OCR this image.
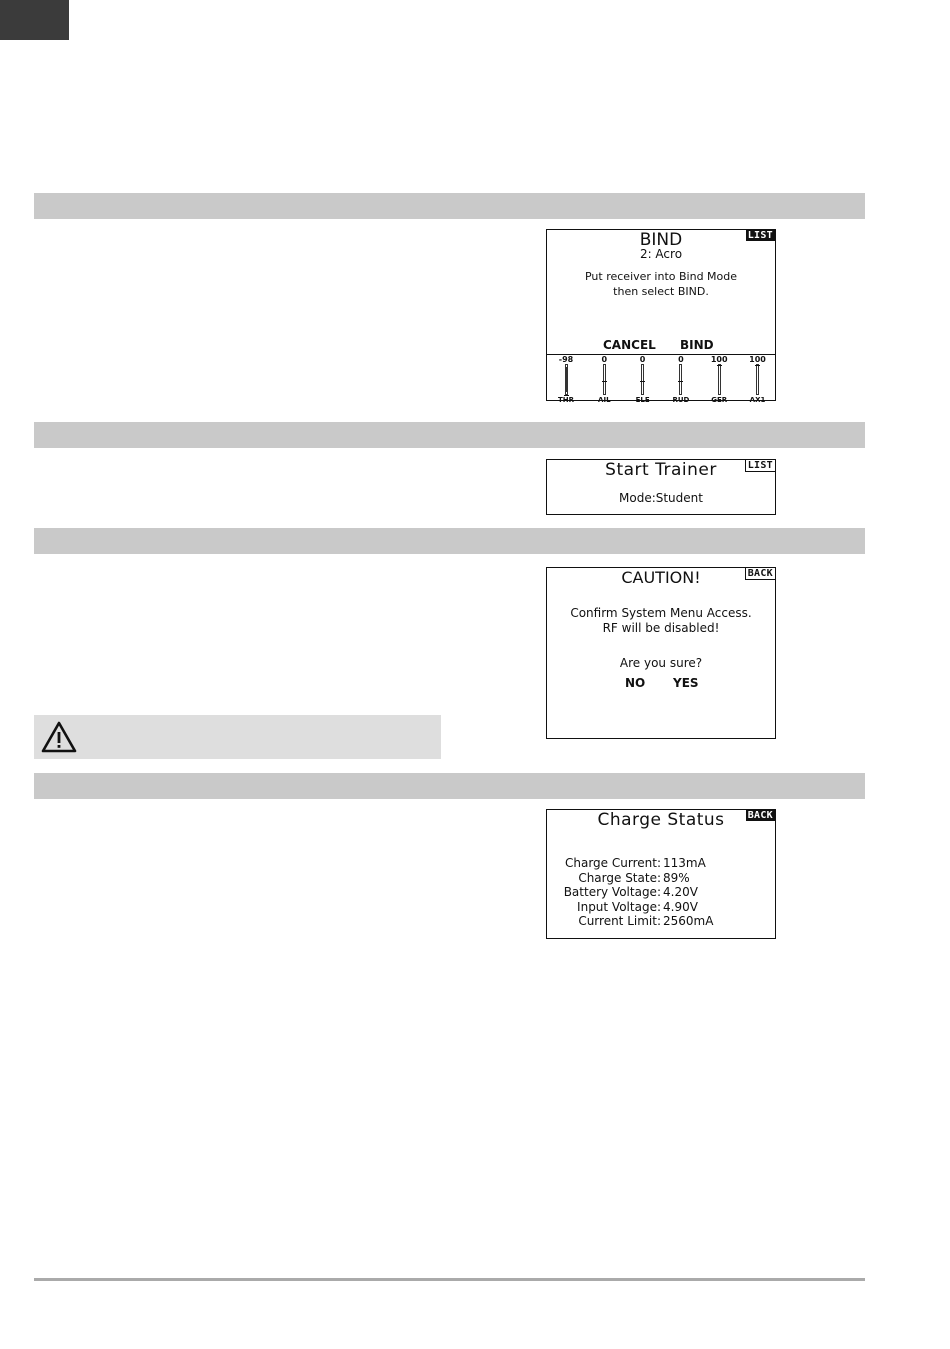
LIST
BIND
2: Acro
Put receiver into Bind Mode
then select BIND.
CANCEL BIND
-98
THR
0
AIL
0
ELE
0
RUD
100
GER
100
AX1
LIST
Start Trainer
Mode:Student
BACK
CAUTION!
Confirm System Menu Access.
RF will be disabled!
Are you sure?
NO YES
BACK
Charge Status
Charge Current: 113mA
Charge State: 89%
Battery Voltage: 4.20V
Input Voltage: 4.90V
Current Limit: 2560mA
